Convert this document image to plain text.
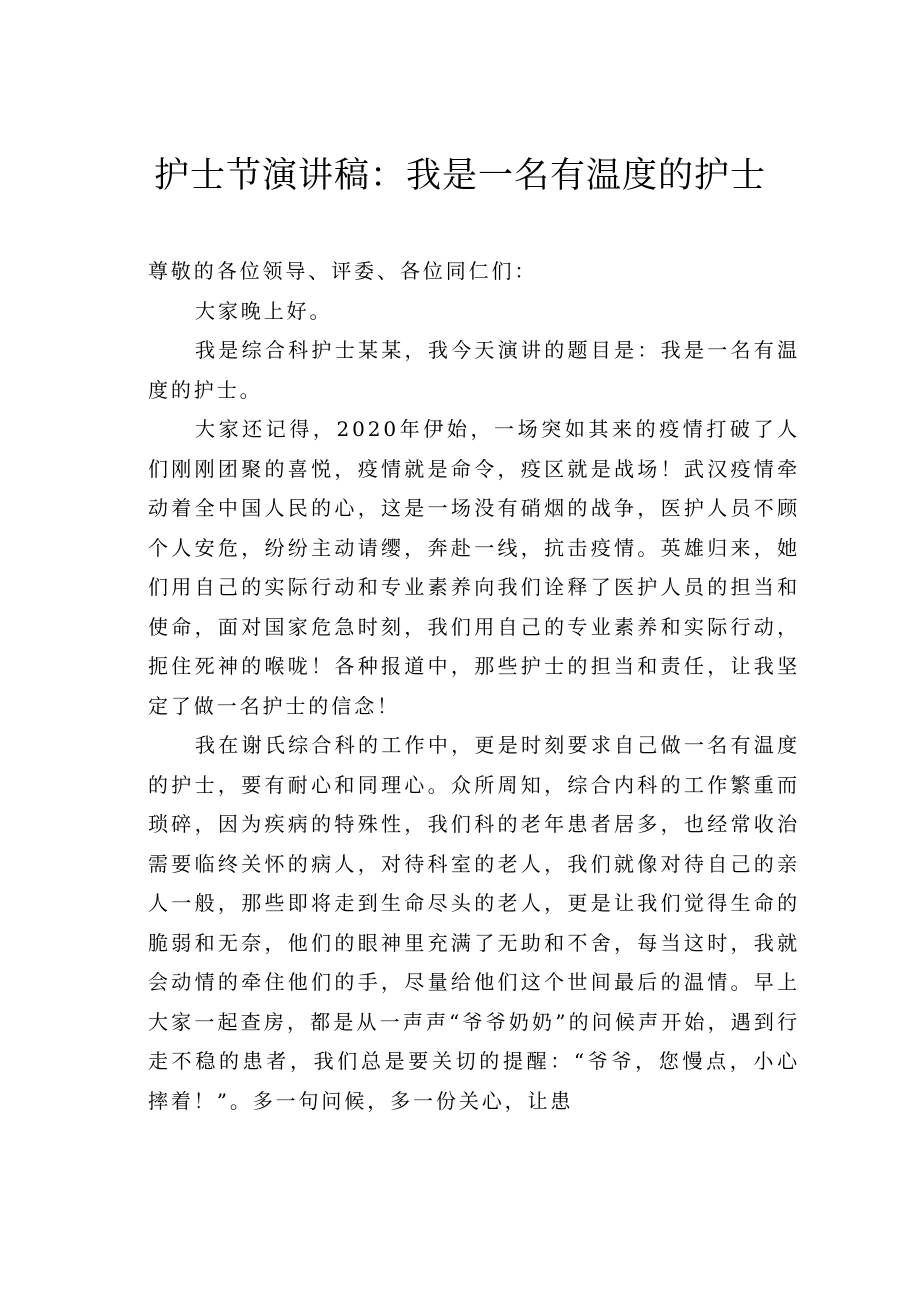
护士节演讲稿：我是一名有温度的护士

尊敬的各位领导、评委、各位同仁们：

大家晚上好。

我是综合科护士某某，我今天演讲的题目是：我是一名有温度的护士。

大家还记得，2020年伊始，一场突如其来的疫情打破了人们刚刚团聚的喜悦，疫情就是命令，疫区就是战场！武汉疫情牵动着全中国人民的心，这是一场没有硝烟的战争，医护人员不顾个人安危，纷纷主动请缨，奔赴一线，抗击疫情。英雄归来，她们用自己的实际行动和专业素养向我们诠释了医护人员的担当和使命，面对国家危急时刻，我们用自己的专业素养和实际行动，扼住死神的喉咙！各种报道中，那些护士的担当和责任，让我坚定了做一名护士的信念！

我在谢氏综合科的工作中，更是时刻要求自己做一名有温度的护士，要有耐心和同理心。众所周知，综合内科的工作繁重而琐碎，因为疾病的特殊性，我们科的老年患者居多，也经常收治需要临终关怀的病人，对待科室的老人，我们就像对待自己的亲人一般，那些即将走到生命尽头的老人，更是让我们觉得生命的脆弱和无奈，他们的眼神里充满了无助和不舍，每当这时，我就会动情的牵住他们的手，尽量给他们这个世间最后的温情。早上大家一起查房，都是从一声声“爷爷奶奶”的问候声开始，遇到行走不稳的患者，我们总是要关切的提醒：“爷爷，您慢点，小心摔着！”。多一句问候，多一份关心，让患
